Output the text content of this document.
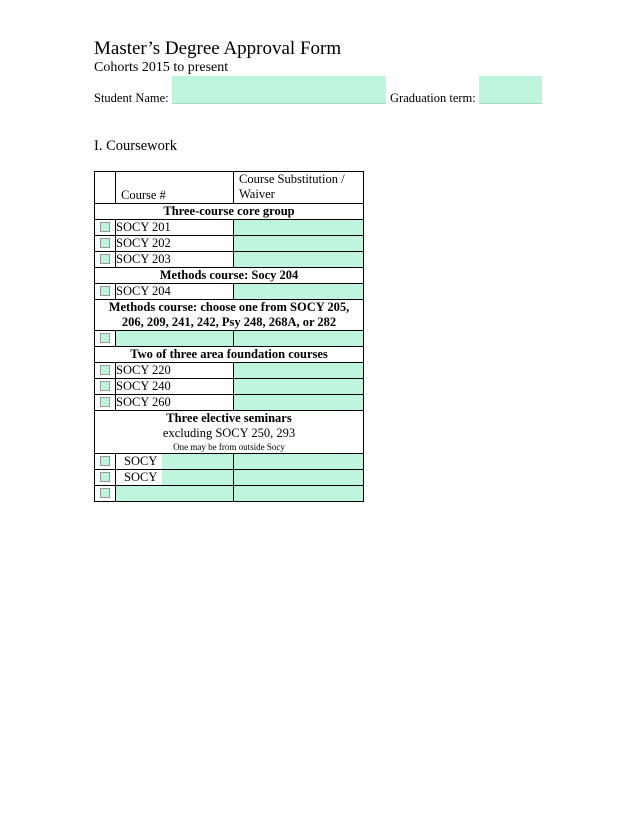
Master’s Degree Approval Form
Cohorts 2015 to present
Student Name:	Graduation term:
I. Coursework
	Course #	Course Substitution /
Waiver
Three-course core group		
	SOCY 201	
	SOCY 202	
	SOCY 203	
Methods course: Socy 204		
	SOCY 204	
Methods course: choose one from SOCY 205,
206, 209, 241, 242, Psy 248, 268A, or 282		

Two of three area foundation courses		
	SOCY 220	
	SOCY 240	
	SOCY 260	

Three elective seminars
excluding SOCY 250, 293
One may be from outside Socy		

	SOCY	

	SOCY	
